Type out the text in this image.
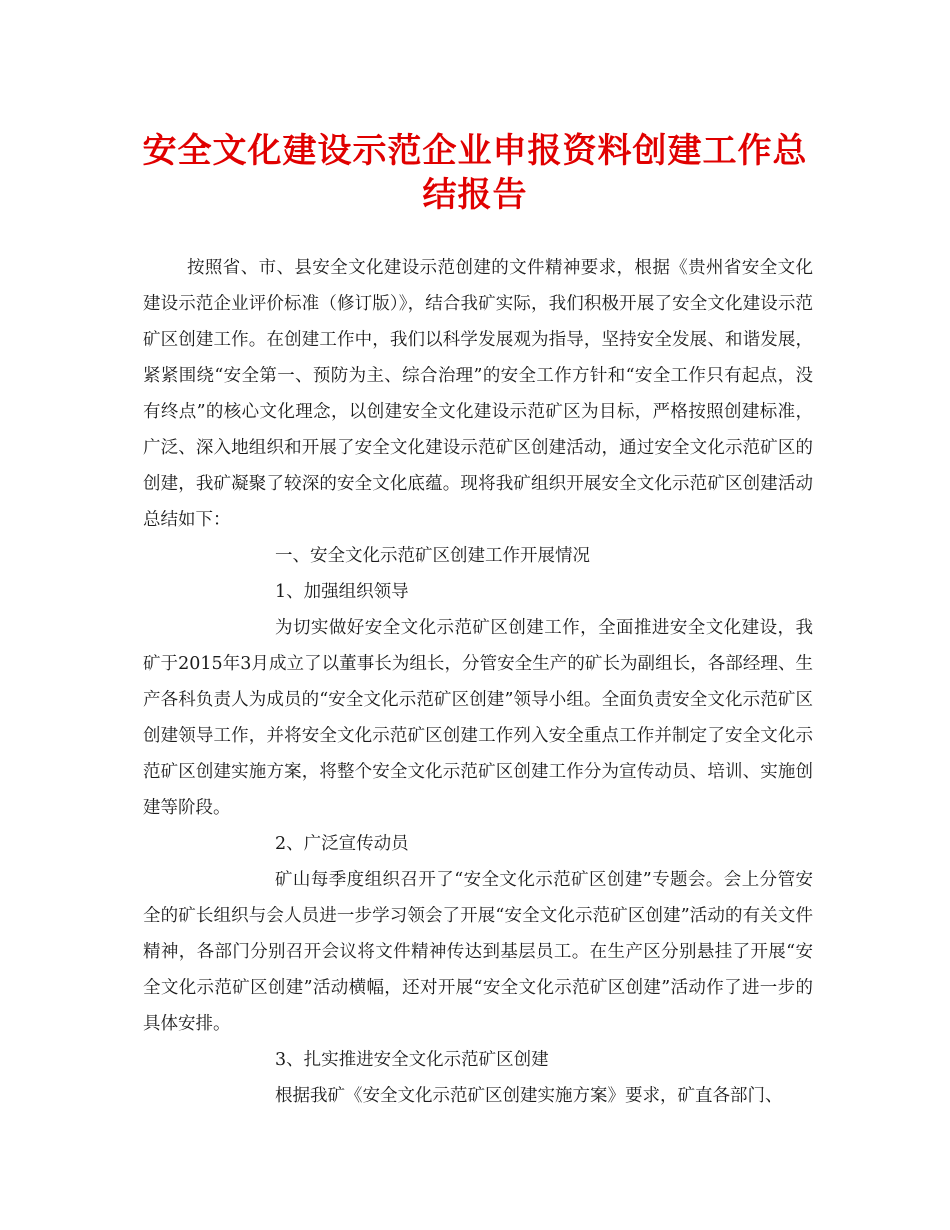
安全文化建设示范企业申报资料创建工作总
结报告

按照省、市、县安全文化建设示范创建的文件精神要求，根据《贵州省安全文化建设示范企业评价标准（修订版）》，结合我矿实际，我们积极开展了安全文化建设示范矿区创建工作。在创建工作中，我们以科学发展观为指导，坚持安全发展、和谐发展，紧紧围绕“安全第一、预防为主、综合治理”的安全工作方针和“安全工作只有起点，没有终点”的核心文化理念，以创建安全文化建设示范矿区为目标，严格按照创建标准，广泛、深入地组织和开展了安全文化建设示范矿区创建活动，通过安全文化示范矿区的创建，我矿凝聚了较深的安全文化底蕴。现将我矿组织开展安全文化示范矿区创建活动总结如下：

一、安全文化示范矿区创建工作开展情况

1、加强组织领导

为切实做好安全文化示范矿区创建工作，全面推进安全文化建设，我矿于2015年3月成立了以董事长为组长，分管安全生产的矿长为副组长，各部经理、生产各科负责人为成员的“安全文化示范矿区创建”领导小组。全面负责安全文化示范矿区创建领导工作，并将安全文化示范矿区创建工作列入安全重点工作并制定了安全文化示范矿区创建实施方案，将整个安全文化示范矿区创建工作分为宣传动员、培训、实施创建等阶段。

2、广泛宣传动员

矿山每季度组织召开了“安全文化示范矿区创建”专题会。会上分管安全的矿长组织与会人员进一步学习领会了开展“安全文化示范矿区创建”活动的有关文件精神，各部门分别召开会议将文件精神传达到基层员工。在生产区分别悬挂了开展“安全文化示范矿区创建”活动横幅，还对开展“安全文化示范矿区创建”活动作了进一步的具体安排。

3、扎实推进安全文化示范矿区创建

根据我矿《安全文化示范矿区创建实施方案》要求，矿直各部门、
